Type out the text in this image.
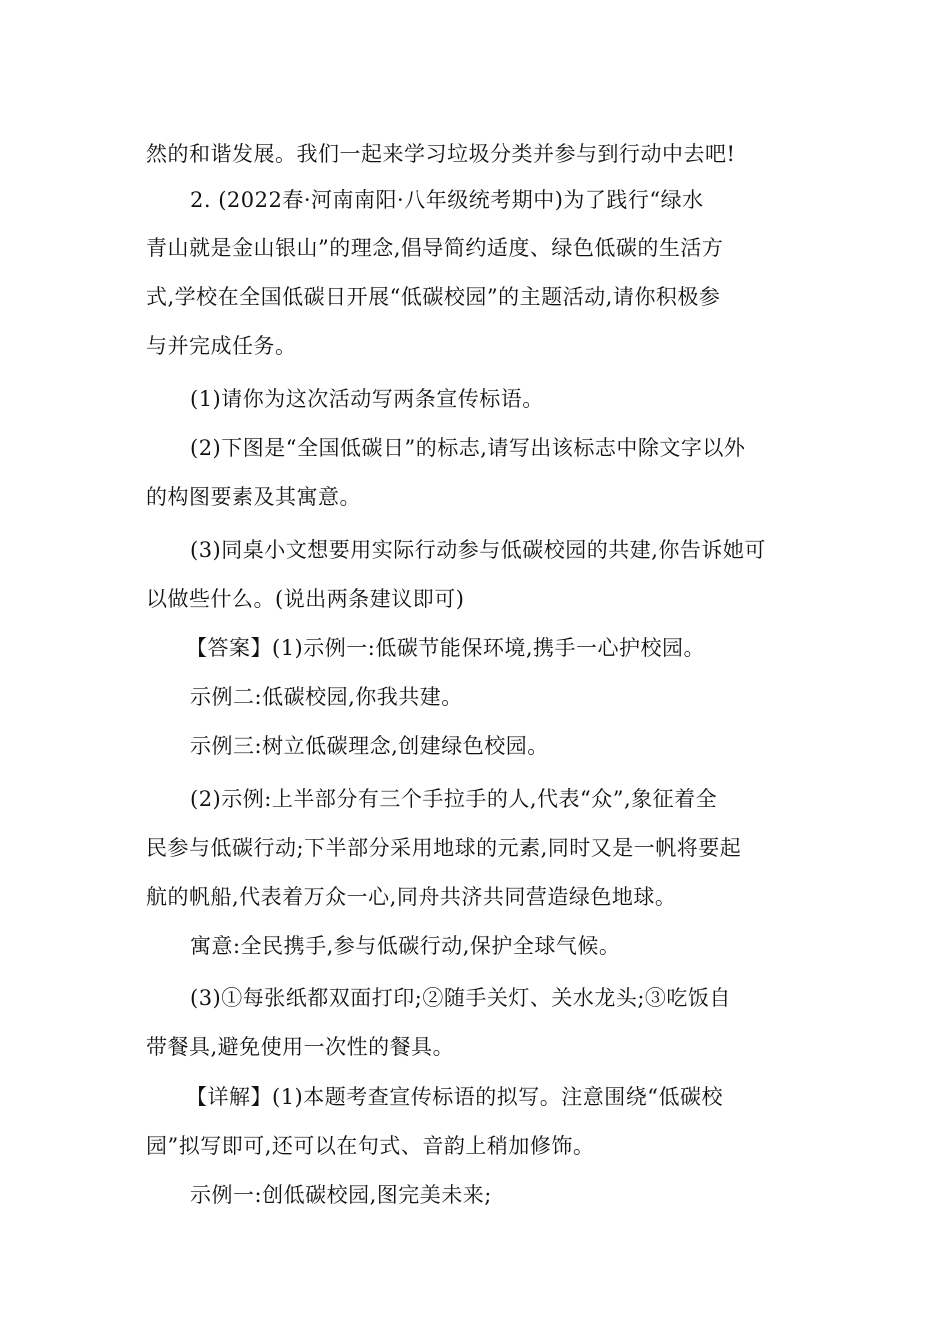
然的和谐发展。我们一起来学习垃圾分类并参与到行动中去吧!
2. (2022春·河南南阳·八年级统考期中)为了践行“绿水
青山就是金山银山”的理念,倡导简约适度、绿色低碳的生活方
式,学校在全国低碳日开展“低碳校园”的主题活动,请你积极参
与并完成任务。
(1)请你为这次活动写两条宣传标语。
(2)下图是“全国低碳日”的标志,请写出该标志中除文字以外
的构图要素及其寓意。
(3)同桌小文想要用实际行动参与低碳校园的共建,你告诉她可
以做些什么。(说出两条建议即可)
【答案】(1)示例一:低碳节能保环境,携手一心护校园。
示例二:低碳校园,你我共建。
示例三:树立低碳理念,创建绿色校园。
(2)示例:上半部分有三个手拉手的人,代表“众”,象征着全
民参与低碳行动;下半部分采用地球的元素,同时又是一帆将要起
航的帆船,代表着万众一心,同舟共济共同营造绿色地球。
寓意:全民携手,参与低碳行动,保护全球气候。
(3)①每张纸都双面打印;②随手关灯、关水龙头;③吃饭自
带餐具,避免使用一次性的餐具。
【详解】(1)本题考查宣传标语的拟写。注意围绕“低碳校
园”拟写即可,还可以在句式、音韵上稍加修饰。
示例一:创低碳校园,图完美未来;
